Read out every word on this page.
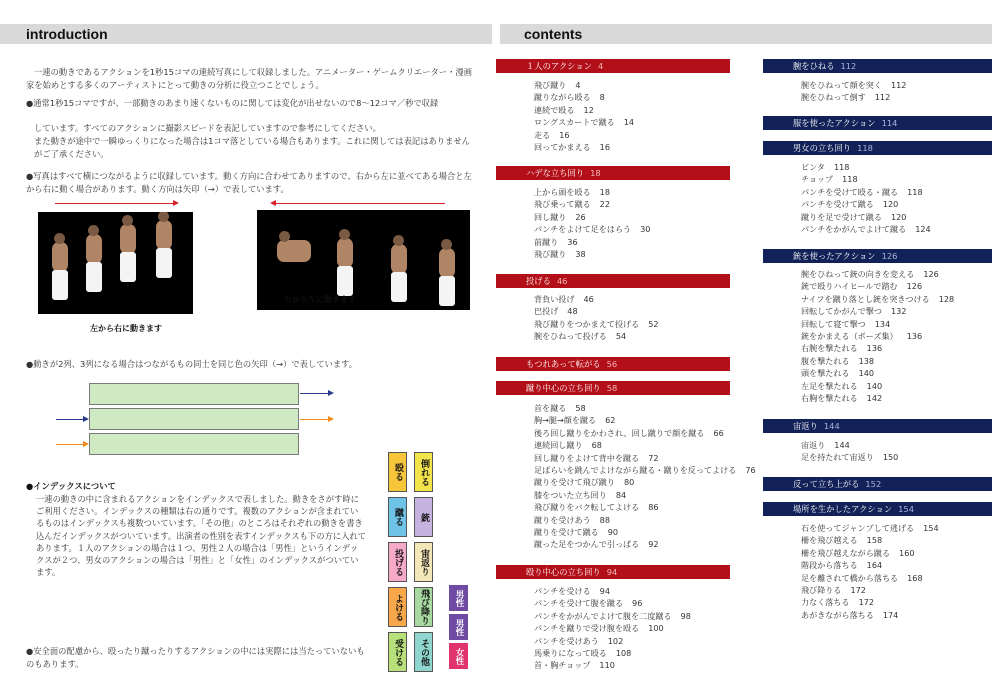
introduction	contents
一連の動きであるアクションを1秒15コマの連続写真にして収録しました。アニメーター・ゲームクリエーター・漫画家を始めとする多くのアーティストにとって動きの分析に役立つことでしょう。
●通常1秒15コマですが、一部動きのあまり速くないものに関しては変化が出せないので8～12コマ／秒で収録
しています。すべてのアクションに撮影スピードを表記していますので参考にしてください。
また動きが途中で一瞬ゆっくりになった場合は1コマ落としている場合もあります。これに関しては表記はありませんがご了承ください。
●写真はすべて横につながるように収録しています。動く方向に合わせてありますので、右から左に並べてある場合と左から右に動く場合があります。動く方向は矢印（→）で表しています。
左から右に動きます
右から左に動きます
●動きが2列、3列になる場合はつながるもの同士を同じ色の矢印（→）で表しています。
●インデックスについて
一連の動きの中に含まれるアクションをインデックスで表しました。動きをさがす時にご利用ください。インデックスの種類は右の通りです。複数のアクションが含まれているものはインデックスも複数ついています。「その他」のところはそれぞれの動きを書き込んだインデックスがついています。出演者の性別を表すインデックスも下の方に入れてあります。１人のアクションの場合は１つ、男性２人の場合は「男性」というインデックスが２つ、男女のアクションの場合は「男性」と「女性」のインデックスがついています。
●安全面の配慮から、殴ったり蹴ったりするアクションの中には実際には当たっていないものもあります。
殴る
蹴る
投げる
よける
受ける
倒れる
銃
宙返り
飛び降り
その他
男性
男性
女性
１人のアクション 4
飛び蹴り 4
蹴りながら殴る 8
連続で殴る 12
ロングスカートで蹴る 14
走る 16
回ってかまえる 16
ハデな立ち回り 18
上から頭を殴る 18
飛び乗って蹴る 22
回し蹴り 26
パンチをよけて足をはらう 30
前蹴り 36
飛び蹴り 38
投げる 46
背負い投げ 46
巴投げ 48
飛び蹴りをつかまえて投げる 52
腕をひねって投げる 54
もつれあって転がる 56
蹴り中心の立ち回り 58
首を蹴る 58
胸→腿→顔を蹴る 62
後ろ回し蹴りをかわされ、回し蹴りで顔を蹴る 66
連続回し蹴り 68
回し蹴りをよけて背中を蹴る 72
足ばらいを跳んでよけながら蹴る・蹴りを反ってよける 76
蹴りを受けて飛び蹴り 80
膝をついた立ち回り 84
飛び蹴りをバク転してよける 86
蹴りを受けあう 88
蹴りを受けて蹴る 90
蹴った足をつかんで引っぱる 92
殴り中心の立ち回り 94
パンチを受ける 94
パンチを受けて腹を蹴る 96
パンチをかがんでよけて腹を二度蹴る 98
パンチを蹴りで受け腹を殴る 100
パンチを受けあう 102
馬乗りになって殴る 108
首・胸チョップ 110
腕をひねる 112
腕をひねって顔を突く 112
腕をひねって倒す 112
服を使ったアクション 114
男女の立ち回り 118
ビンタ 118
チョップ 118
パンチを受けて殴る・蹴る 118
パンチを受けて蹴る 120
蹴りを足で受けて蹴る 120
パンチをかがんでよけて蹴る 124
銃を使ったアクション 126
腕をひねって銃の向きを変える 126
銃で殴りハイヒールで踏む 126
ナイフを蹴り落とし銃を突きつける 128
回転してかがんで撃つ 132
回転して寝て撃つ 134
銃をかまえる（ポーズ集） 136
右腕を撃たれる 136
腹を撃たれる 138
頭を撃たれる 140
左足を撃たれる 140
右胸を撃たれる 142
宙返り 144
宙返り 144
足を持たれて宙返り 150
反って立ち上がる 152
場所を生かしたアクション 154
石を使ってジャンプして逃げる 154
柵を飛び越える 158
柵を飛び越えながら蹴る 160
階段から落ちる 164
足を離されて橋から落ちる 168
飛び降りる 172
力なく落ちる 172
あがきながら落ちる 174
